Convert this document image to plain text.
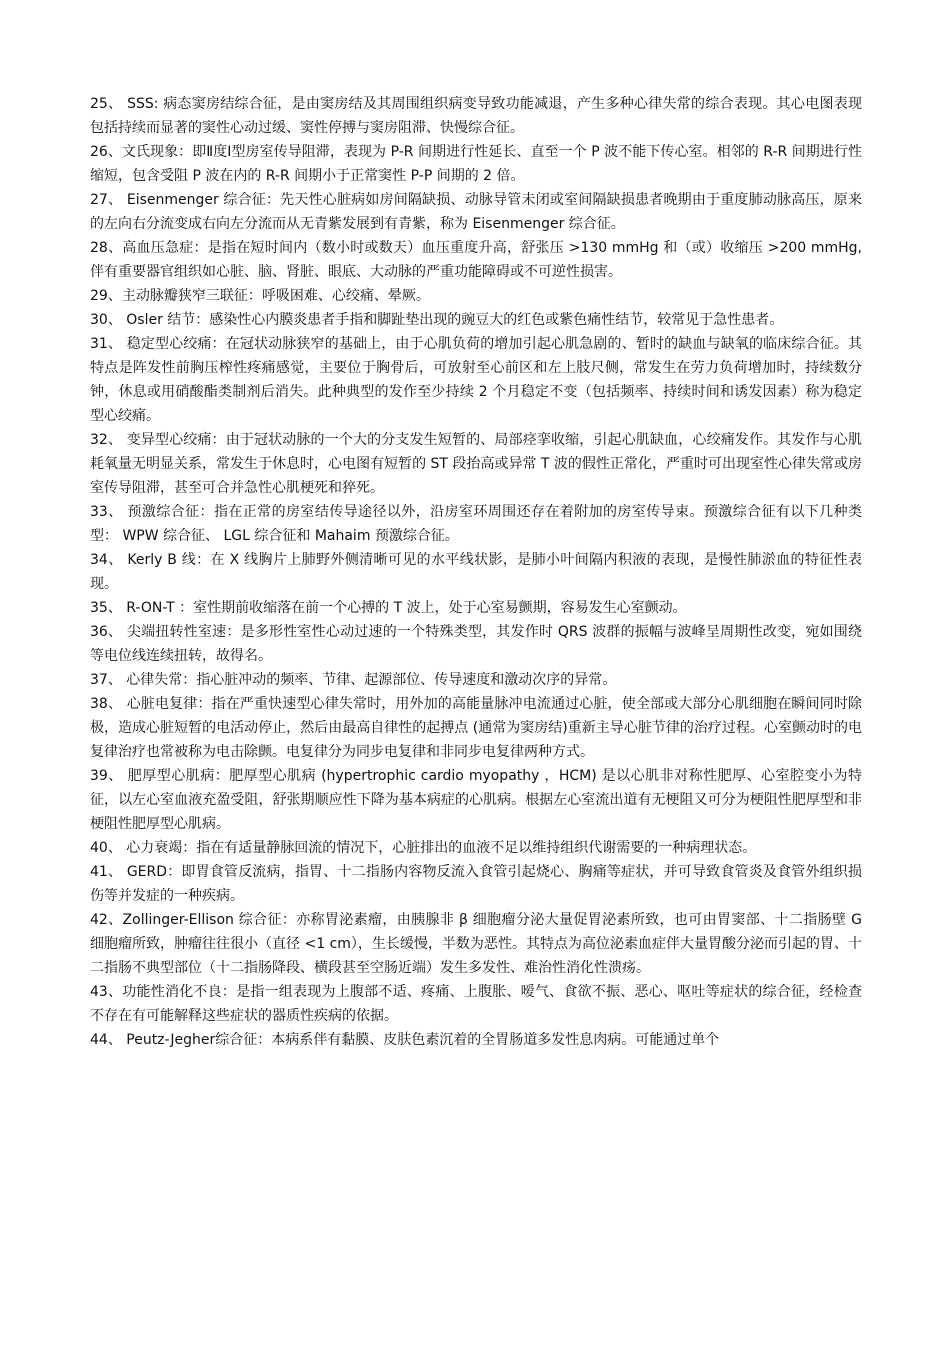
25、 SSS: 病态窦房结综合征，是由窦房结及其周围组织病变导致功能减退，产生多种心律失常的综合表现。其心电图表现包括持续而显著的窦性心动过缓、窦性停搏与窦房阻滞、快慢综合征。

26、文氏现象：即Ⅱ度Ⅰ型房室传导阻滞，表现为 P-R 间期进行性延长、直至一个 P 波不能下传心室。相邻的 R-R 间期进行性缩短，包含受阻 P 波在内的 R-R 间期小于正常窦性 P-P 间期的 2 倍。

27、 Eisenmenger 综合征：先天性心脏病如房间隔缺损、动脉导管未闭或室间隔缺损患者晚期由于重度肺动脉高压，原来的左向右分流变成右向左分流而从无青紫发展到有青紫，称为 Eisenmenger 综合征。

28、高血压急症：是指在短时间内（数小时或数天）血压重度升高，舒张压 >130 mmHg 和（或）收缩压 >200 mmHg,伴有重要器官组织如心脏、脑、肾脏、眼底、大动脉的严重功能障碍或不可逆性损害。

29、主动脉瓣狭窄三联征：呼吸困难、心绞痛、晕厥。

30、 Osler 结节：感染性心内膜炎患者手指和脚趾垫出现的豌豆大的红色或紫色痛性结节，较常见于急性患者。

31、 稳定型心绞痛：在冠状动脉狭窄的基础上，由于心肌负荷的增加引起心肌急剧的、暂时的缺血与缺氧的临床综合征。其特点是阵发性前胸压榨性疼痛感觉，主要位于胸骨后，可放射至心前区和左上肢尺侧，常发生在劳力负荷增加时，持续数分钟，休息或用硝酸酯类制剂后消失。此种典型的发作至少持续 2 个月稳定不变（包括频率、持续时间和诱发因素）称为稳定型心绞痛。

32、 变异型心绞痛：由于冠状动脉的一个大的分支发生短暂的、局部痉挛收缩，引起心肌缺血，心绞痛发作。其发作与心肌耗氧量无明显关系，常发生于休息时，心电图有短暂的 ST 段抬高或异常 T 波的假性正常化，严重时可出现室性心律失常或房室传导阻滞，甚至可合并急性心肌梗死和猝死。

33、 预激综合征：指在正常的房室结传导途径以外，沿房室环周围还存在着附加的房室传导束。预激综合征有以下几种类型： WPW 综合征、 LGL 综合征和 Mahaim 预激综合征。

34、 Kerly B 线：在 X 线胸片上肺野外侧清晰可见的水平线状影，是肺小叶间隔内积液的表现，是慢性肺淤血的特征性表现。

35、 R-ON-T ：室性期前收缩落在前一个心搏的 T 波上，处于心室易颤期，容易发生心室颤动。

36、 尖端扭转性室速：是多形性室性心动过速的一个特殊类型，其发作时 QRS 波群的振幅与波峰呈周期性改变，宛如围绕等电位线连续扭转，故得名。

37、 心律失常：指心脏冲动的频率、节律、起源部位、传导速度和激动次序的异常。

38、 心脏电复律：指在严重快速型心律失常时，用外加的高能量脉冲电流通过心脏，使全部或大部分心肌细胞在瞬间同时除极，造成心脏短暂的电活动停止，然后由最高自律性的起搏点 (通常为窦房结)重新主导心脏节律的治疗过程。心室颤动时的电复律治疗也常被称为电击除颤。电复律分为同步电复律和非同步电复律两种方式。

39、 肥厚型心肌病：肥厚型心肌病 (hypertrophic cardio myopathy ，HCM) 是以心肌非对称性肥厚、心室腔变小为特征，以左心室血液充盈受阻，舒张期顺应性下降为基本病症的心肌病。根据左心室流出道有无梗阻又可分为梗阻性肥厚型和非梗阻性肥厚型心肌病。

40、 心力衰竭：指在有适量静脉回流的情况下，心脏排出的血液不足以维持组织代谢需要的一种病理状态。

41、 GERD：即胃食管反流病，指胃、十二指肠内容物反流入食管引起烧心、胸痛等症状，并可导致食管炎及食管外组织损伤等并发症的一种疾病。

42、Zollinger-Ellison 综合征：亦称胃泌素瘤，由胰腺非 β 细胞瘤分泌大量促胃泌素所致，也可由胃窦部、十二指肠壁 G 细胞瘤所致，肿瘤往往很小（直径 <1 cm），生长缓慢，半数为恶性。其特点为高位泌素血症伴大量胃酸分泌而引起的胃、十二指肠不典型部位（十二指肠降段、横段甚至空肠近端）发生多发性、难治性消化性溃疡。

43、功能性消化不良：是指一组表现为上腹部不适、疼痛、上腹胀、嗳气、食欲不振、恶心、呕吐等症状的综合征，经检查不存在有可能解释这些症状的器质性疾病的依据。

44、 Peutz-Jegher综合征：本病系伴有黏膜、皮肤色素沉着的全胃肠道多发性息肉病。可能通过单个
